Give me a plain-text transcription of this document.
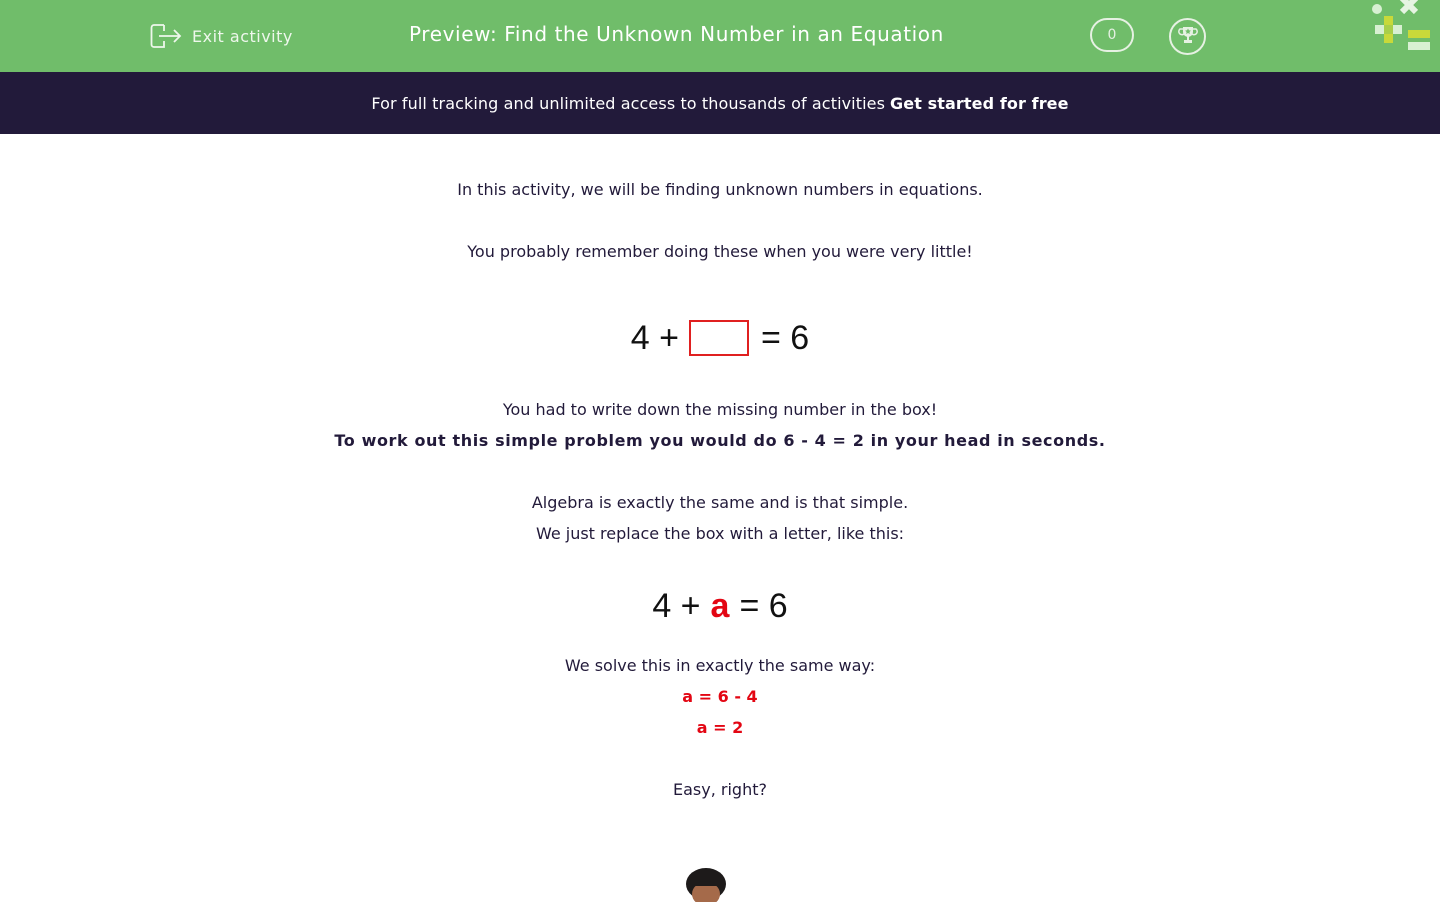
Exit activity	Preview: Find the Unknown Number in an Equation	0
For full tracking and unlimited access to thousands of activities Get started for free
In this activity, we will be finding unknown numbers in equations.
You probably remember doing these when you were very little!
4 + = 6
You had to write down the missing number in the box!
To work out this simple problem you would do 6 - 4 = 2 in your head in seconds.
Algebra is exactly the same and is that simple.
We just replace the box with a letter, like this:
4 + a = 6
We solve this in exactly the same way:
a = 6 - 4
a = 2
Easy, right?
